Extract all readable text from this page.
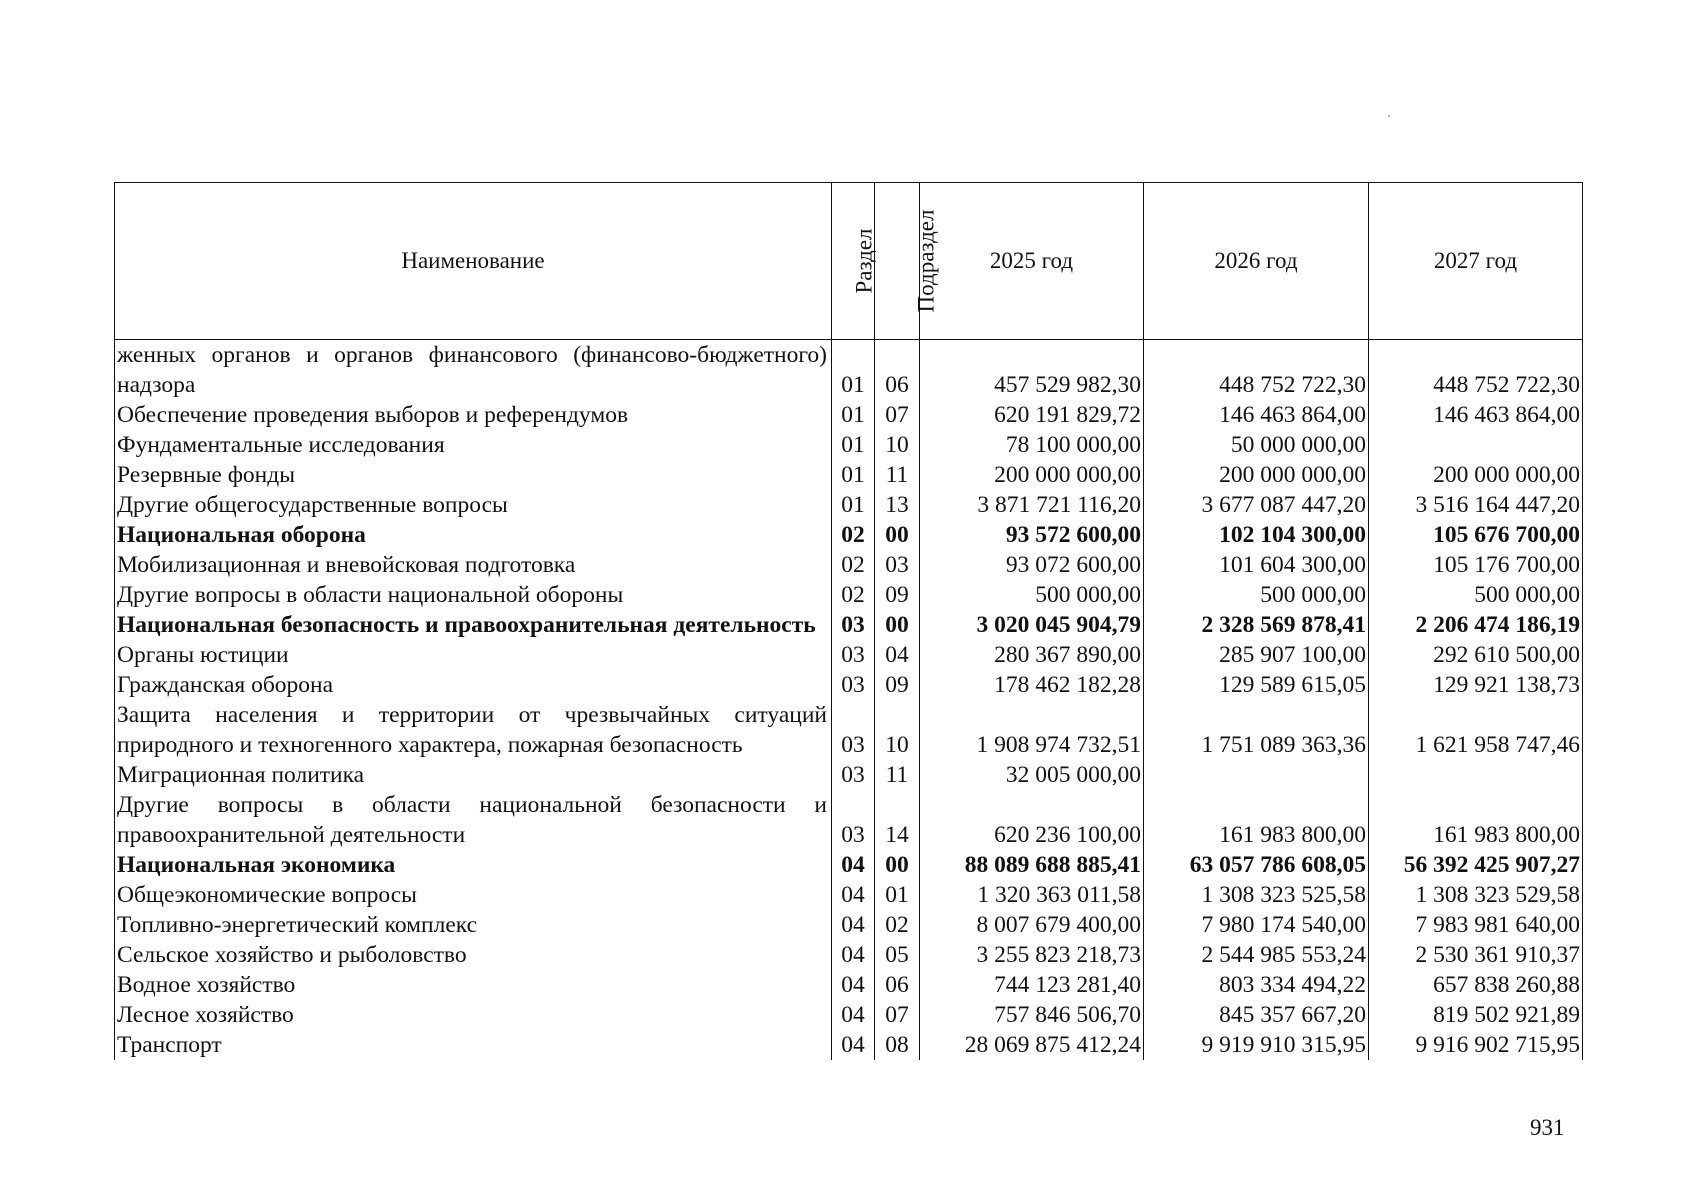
Наименование	Раздел	Подраздел	2025 год	2026 год	2027 год
женных органов и органов финансового (финансово-бюджетного) надзора	01	06	457 529 982,30	448 752 722,30	448 752 722,30
Обеспечение проведения выборов и референдумов	01	07	620 191 829,72	146 463 864,00	146 463 864,00
Фундаментальные исследования	01	10	78 100 000,00	50 000 000,00	
Резервные фонды	01	11	200 000 000,00	200 000 000,00	200 000 000,00
Другие общегосударственные вопросы	01	13	3 871 721 116,20	3 677 087 447,20	3 516 164 447,20
Национальная оборона	02	00	93 572 600,00	102 104 300,00	105 676 700,00
Мобилизационная и вневойсковая подготовка	02	03	93 072 600,00	101 604 300,00	105 176 700,00
Другие вопросы в области национальной обороны	02	09	500 000,00	500 000,00	500 000,00
Национальная безопасность и правоохранительная деятельность	03	00	3 020 045 904,79	2 328 569 878,41	2 206 474 186,19
Органы юстиции	03	04	280 367 890,00	285 907 100,00	292 610 500,00
Гражданская оборона	03	09	178 462 182,28	129 589 615,05	129 921 138,73
Защита населения и территории от чрезвычайных ситуаций природного и техногенного характера, пожарная безопасность	03	10	1 908 974 732,51	1 751 089 363,36	1 621 958 747,46
Миграционная политика	03	11	32 005 000,00		
Другие вопросы в области национальной безопасности и правоохранительной деятельности	03	14	620 236 100,00	161 983 800,00	161 983 800,00
Национальная экономика	04	00	88 089 688 885,41	63 057 786 608,05	56 392 425 907,27
Общеэкономические вопросы	04	01	1 320 363 011,58	1 308 323 525,58	1 308 323 529,58
Топливно-энергетический комплекс	04	02	8 007 679 400,00	7 980 174 540,00	7 983 981 640,00
Сельское хозяйство и рыболовство	04	05	3 255 823 218,73	2 544 985 553,24	2 530 361 910,37
Водное хозяйство	04	06	744 123 281,40	803 334 494,22	657 838 260,88
Лесное хозяйство	04	07	757 846 506,70	845 357 667,20	819 502 921,89
Транспорт	04	08	28 069 875 412,24	9 919 910 315,95	9 916 902 715,95
931
